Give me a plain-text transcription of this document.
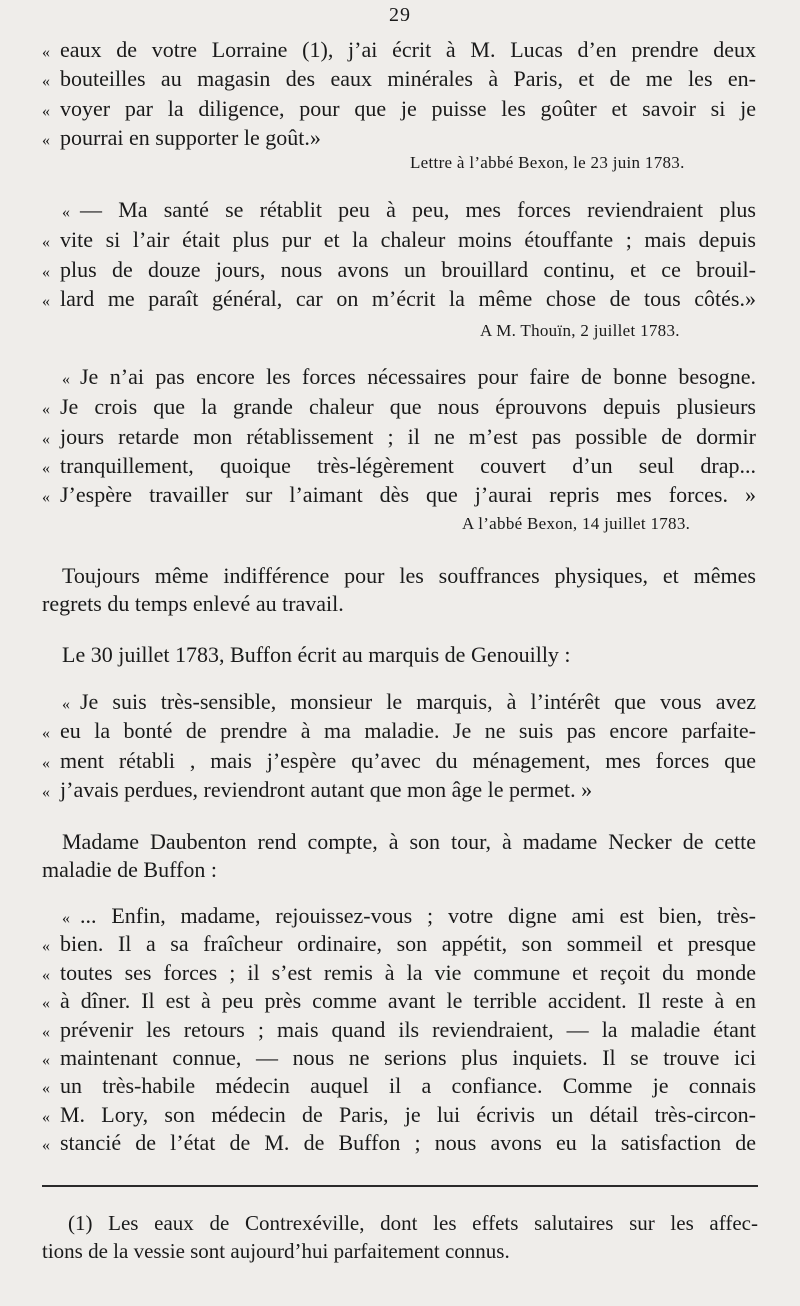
29
« eaux de votre Lorraine (1), j’ai écrit à M. Lucas d’en prendre deux
« bouteilles au magasin des eaux minérales à Paris, et de me les en-
« voyer par la diligence, pour que je puisse les goûter et savoir si je
« pourrai en supporter le goût.»
Lettre à l’abbé Bexon, le 23 juin 1783.
« — Ma santé se rétablit peu à peu, mes forces reviendraient plus
« vite si l’air était plus pur et la chaleur moins étouffante ; mais depuis
« plus de douze jours, nous avons un brouillard continu, et ce brouil-
« lard me paraît général, car on m’écrit la même chose de tous côtés.»
A M. Thouïn, 2 juillet 1783.
« Je n’ai pas encore les forces nécessaires pour faire de bonne besogne.
« Je crois que la grande chaleur que nous éprouvons depuis plusieurs
« jours retarde mon rétablissement ; il ne m’est pas possible de dormir
« tranquillement, quoique très-légèrement couvert d’un seul drap...
« J’espère travailler sur l’aimant dès que j’aurai repris mes forces. »
A l’abbé Bexon, 14 juillet 1783.
Toujours même indifférence pour les souffrances physiques, et mêmes
regrets du temps enlevé au travail.
Le 30 juillet 1783, Buffon écrit au marquis de Genouilly :
« Je suis très-sensible, monsieur le marquis, à l’intérêt que vous avez
« eu la bonté de prendre à ma maladie. Je ne suis pas encore parfaite-
« ment rétabli , mais j’espère qu’avec du ménagement, mes forces que
« j’avais perdues, reviendront autant que mon âge le permet. »
Madame Daubenton rend compte, à son tour, à madame Necker de cette
maladie de Buffon :
« ... Enfin, madame, rejouissez-vous ; votre digne ami est bien, très-
« bien. Il a sa fraîcheur ordinaire, son appétit, son sommeil et presque
« toutes ses forces ; il s’est remis à la vie commune et reçoit du monde
« à dîner. Il est à peu près comme avant le terrible accident. Il reste à en
« prévenir les retours ; mais quand ils reviendraient, — la maladie étant
« maintenant connue, — nous ne serions plus inquiets. Il se trouve ici
« un très-habile médecin auquel il a confiance. Comme je connais
« M. Lory, son médecin de Paris, je lui écrivis un détail très-circon-
« stancié de l’état de M. de Buffon ; nous avons eu la satisfaction de
(1) Les eaux de Contrexéville, dont les effets salutaires sur les affec-
tions de la vessie sont aujourd’hui parfaitement connus.
